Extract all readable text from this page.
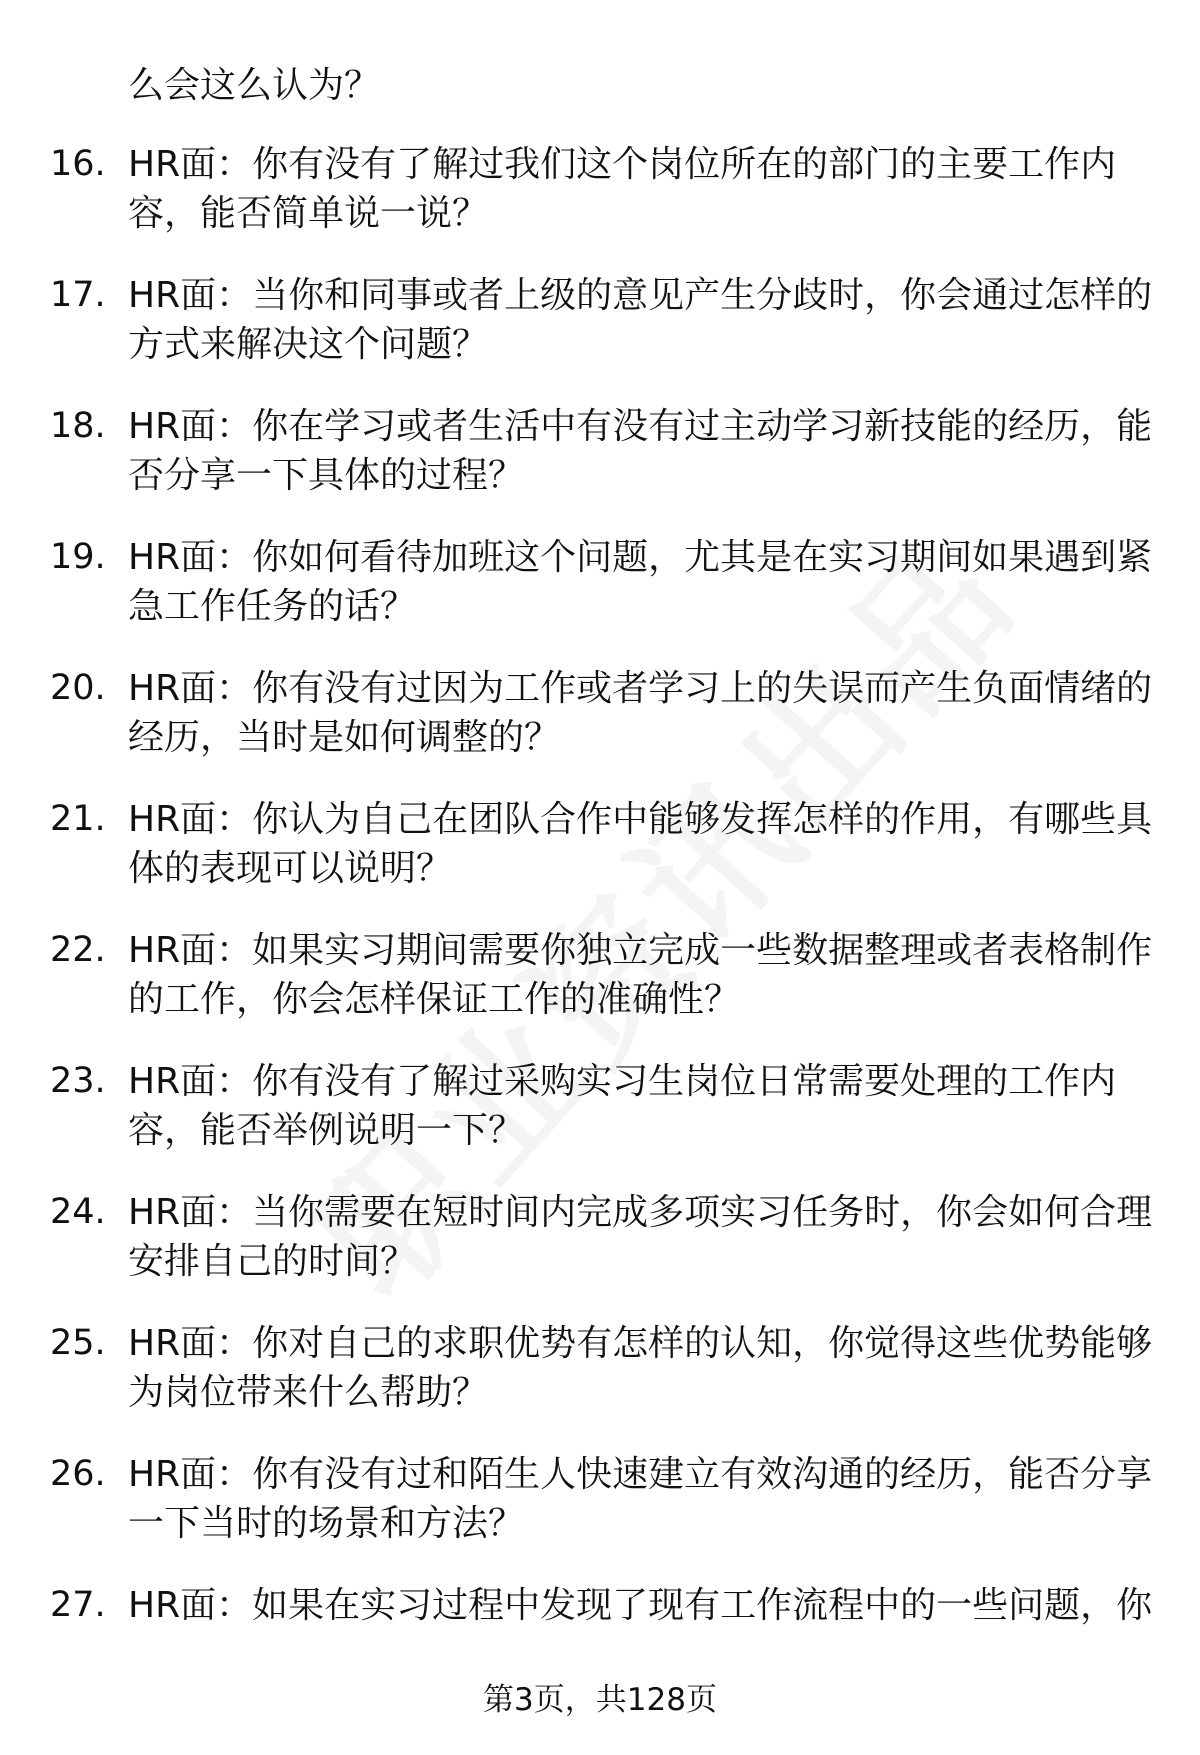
么会这么认为？
16. HR面：你有没有了解过我们这个岗位所在的部门的主要工作内
容，能否简单说一说？

17. HR面：当你和同事或者上级的意见产生分歧时，你会通过怎样的
方式来解决这个问题？

18. HR面：你在学习或者生活中有没有过主动学习新技能的经历，能
否分享一下具体的过程？

19. HR面：你如何看待加班这个问题，尤其是在实习期间如果遇到紧
急工作任务的话？

20. HR面：你有没有过因为工作或者学习上的失误而产生负面情绪的
经历，当时是如何调整的？

21. HR面：你认为自己在团队合作中能够发挥怎样的作用，有哪些具
体的表现可以说明？

22. HR面：如果实习期间需要你独立完成一些数据整理或者表格制作
的工作，你会怎样保证工作的准确性？

23. HR面：你有没有了解过采购实习生岗位日常需要处理的工作内
容，能否举例说明一下？

24. HR面：当你需要在短时间内完成多项实习任务时，你会如何合理
安排自己的时间？

25. HR面：你对自己的求职优势有怎样的认知，你觉得这些优势能够
为岗位带来什么帮助？

26. HR面：你有没有过和陌生人快速建立有效沟通的经历，能否分享
一下当时的场景和方法？

27. HR面：如果在实习过程中发现了现有工作流程中的一些问题，你

第3页，共128页
